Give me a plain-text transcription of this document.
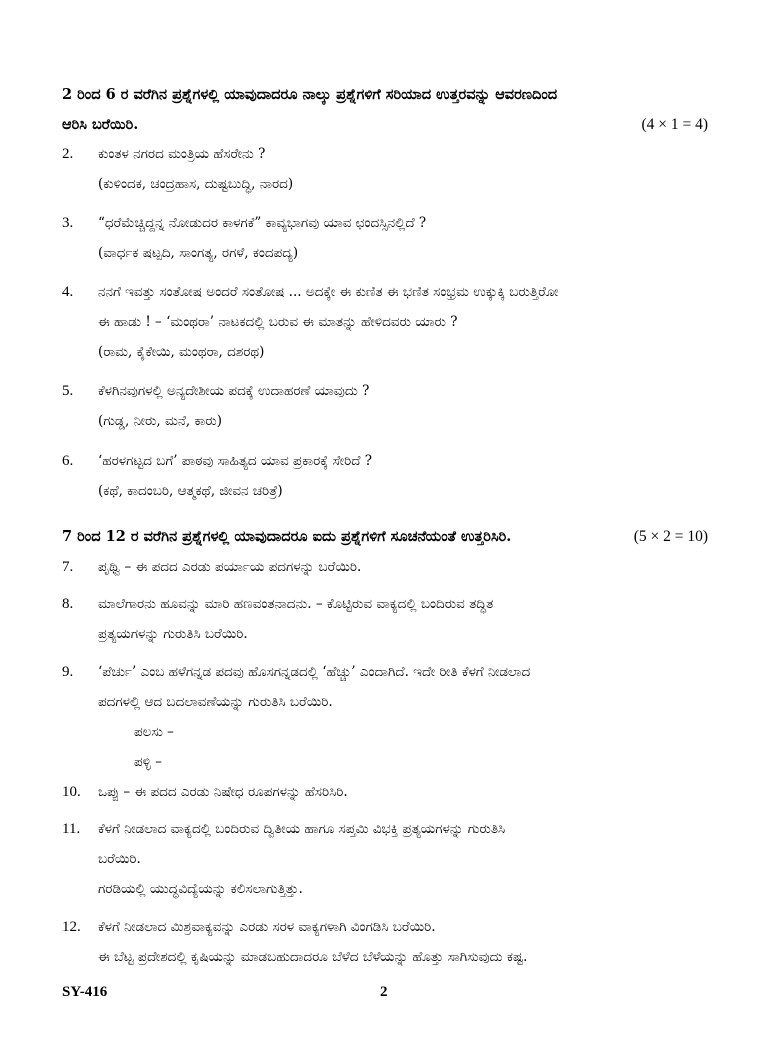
2 ರಿಂದ 6 ರ ವರೆಗಿನ ಪ್ರಶ್ನೆಗಳಲ್ಲಿ ಯಾವುದಾದರೂ ನಾಲ್ಕು ಪ್ರಶ್ನೆಗಳಿಗೆ ಸರಿಯಾದ ಉತ್ತರವನ್ನು ಆವರಣದಿಂದ
ಆರಿಸಿ ಬರೆಯಿರಿ.	(4 × 1 = 4)
2. ಕುಂತಳ ನಗರದ ಮಂತ್ರಿಯ ಹೆಸರೇನು ?
(ಕುಳಿಂದಕ, ಚಂದ್ರಹಾಸ, ದುಷ್ಟಬುದ್ಧಿ, ನಾರದ)
3. “ಧರೆಮೆಚ್ಚಿದ್ದನ್ನ ನೋಡುದರ ಕಾಳಗಕೆ” ಕಾವ್ಯಭಾಗವು ಯಾವ ಛಂದಸ್ಸಿನಲ್ಲಿದೆ ?
(ವಾರ್ಧಕ ಷಟ್ಪದಿ, ಸಾಂಗತ್ಯ, ರಗಳೆ, ಕಂದಪದ್ಯ)
4. ನನಗೆ ಇವತ್ತು ಸಂತೋಷ ಅಂದರೆ ಸಂತೋಷ ... ಅದಕ್ಕೇ ಈ ಕುಣಿತ ಈ ಭಣಿತ ಸಂಭ್ರಮ ಉಕ್ಕುಕ್ಕಿ ಬರುತ್ತಿರೋ
ಈ ಹಾಡು ! – ‘ಮಂಥರಾ’ ನಾಟಕದಲ್ಲಿ ಬರುವ ಈ ಮಾತನ್ನು ಹೇಳಿದವರು ಯಾರು ?
(ರಾಮ, ಕೈಕೇಯಿ, ಮಂಥರಾ, ದಶರಥ)
5. ಕೆಳಗಿನವುಗಳಲ್ಲಿ ಅನ್ಯದೇಶೀಯ ಪದಕ್ಕೆ ಉದಾಹರಣೆ ಯಾವುದು ?
(ಗುಡ್ಡ, ನೀರು, ಮನೆ, ಕಾರು)
6. ‘ಹರಳಗಟ್ಟದ ಬಗೆ’ ಪಾಠವು ಸಾಹಿತ್ಯದ ಯಾವ ಪ್ರಕಾರಕ್ಕೆ ಸೇರಿದೆ ?
(ಕಥೆ, ಕಾದಂಬರಿ, ಆತ್ಮಕಥೆ, ಜೀವನ ಚರಿತ್ರೆ)
7 ರಿಂದ 12 ರ ವರೆಗಿನ ಪ್ರಶ್ನೆಗಳಲ್ಲಿ ಯಾವುದಾದರೂ ಐದು ಪ್ರಶ್ನೆಗಳಿಗೆ ಸೂಚನೆಯಂತೆ ಉತ್ತರಿಸಿರಿ.	(5 × 2 = 10)
7. ಪೃಥ್ವಿ – ಈ ಪದದ ಎರಡು ಪರ್ಯಾಯ ಪದಗಳನ್ನು ಬರೆಯಿರಿ.
8. ಮಾಲೆಗಾರನು ಹೂವನ್ನು ಮಾರಿ ಹಣವಂತನಾದನು. – ಕೊಟ್ಟಿರುವ ವಾಕ್ಯದಲ್ಲಿ ಬಂದಿರುವ ತದ್ಧಿತ
ಪ್ರತ್ಯಯಗಳನ್ನು ಗುರುತಿಸಿ ಬರೆಯಿರಿ.
9. ‘ಪೆರ್ಚು’ ಎಂಬ ಹಳೆಗನ್ನಡ ಪದವು ಹೊಸಗನ್ನಡದಲ್ಲಿ ‘ಹೆಚ್ಚು’ ಎಂದಾಗಿದೆ. ಇದೇ ರೀತಿ ಕೆಳಗೆ ನೀಡಲಾದ
ಪದಗಳಲ್ಲಿ ಆದ ಬದಲಾವಣೆಯನ್ನು ಗುರುತಿಸಿ ಬರೆಯಿರಿ.
ಪಲಸು –
ಪಳ್ಳಿ –
10. ಒಪ್ಪು – ಈ ಪದದ ಎರಡು ನಿಷೇಧ ರೂಪಗಳನ್ನು ಹೆಸರಿಸಿರಿ.
11. ಕೆಳಗೆ ನೀಡಲಾದ ವಾಕ್ಯದಲ್ಲಿ ಬಂದಿರುವ ದ್ವಿತೀಯ ಹಾಗೂ ಸಪ್ತಮಿ ವಿಭಕ್ತಿ ಪ್ರತ್ಯಯಗಳನ್ನು ಗುರುತಿಸಿ
ಬರೆಯಿರಿ.
ಗರಡಿಯಲ್ಲಿ ಯುದ್ಧವಿದ್ಯೆಯನ್ನು ಕಲಿಸಲಾಗುತ್ತಿತ್ತು.
12. ಕೆಳಗೆ ನೀಡಲಾದ ಮಿಶ್ರವಾಕ್ಯವನ್ನು ಎರಡು ಸರಳ ವಾಕ್ಯಗಳಾಗಿ ವಿಂಗಡಿಸಿ ಬರೆಯಿರಿ.
ಈ ಬೆಟ್ಟ ಪ್ರದೇಶದಲ್ಲಿ ಕೃಷಿಯನ್ನು ಮಾಡಬಹುದಾದರೂ ಬೆಳೆದ ಬೆಳೆಯನ್ನು ಹೊತ್ತು ಸಾಗಿಸುವುದು ಕಷ್ಟ.
SY-416	2
